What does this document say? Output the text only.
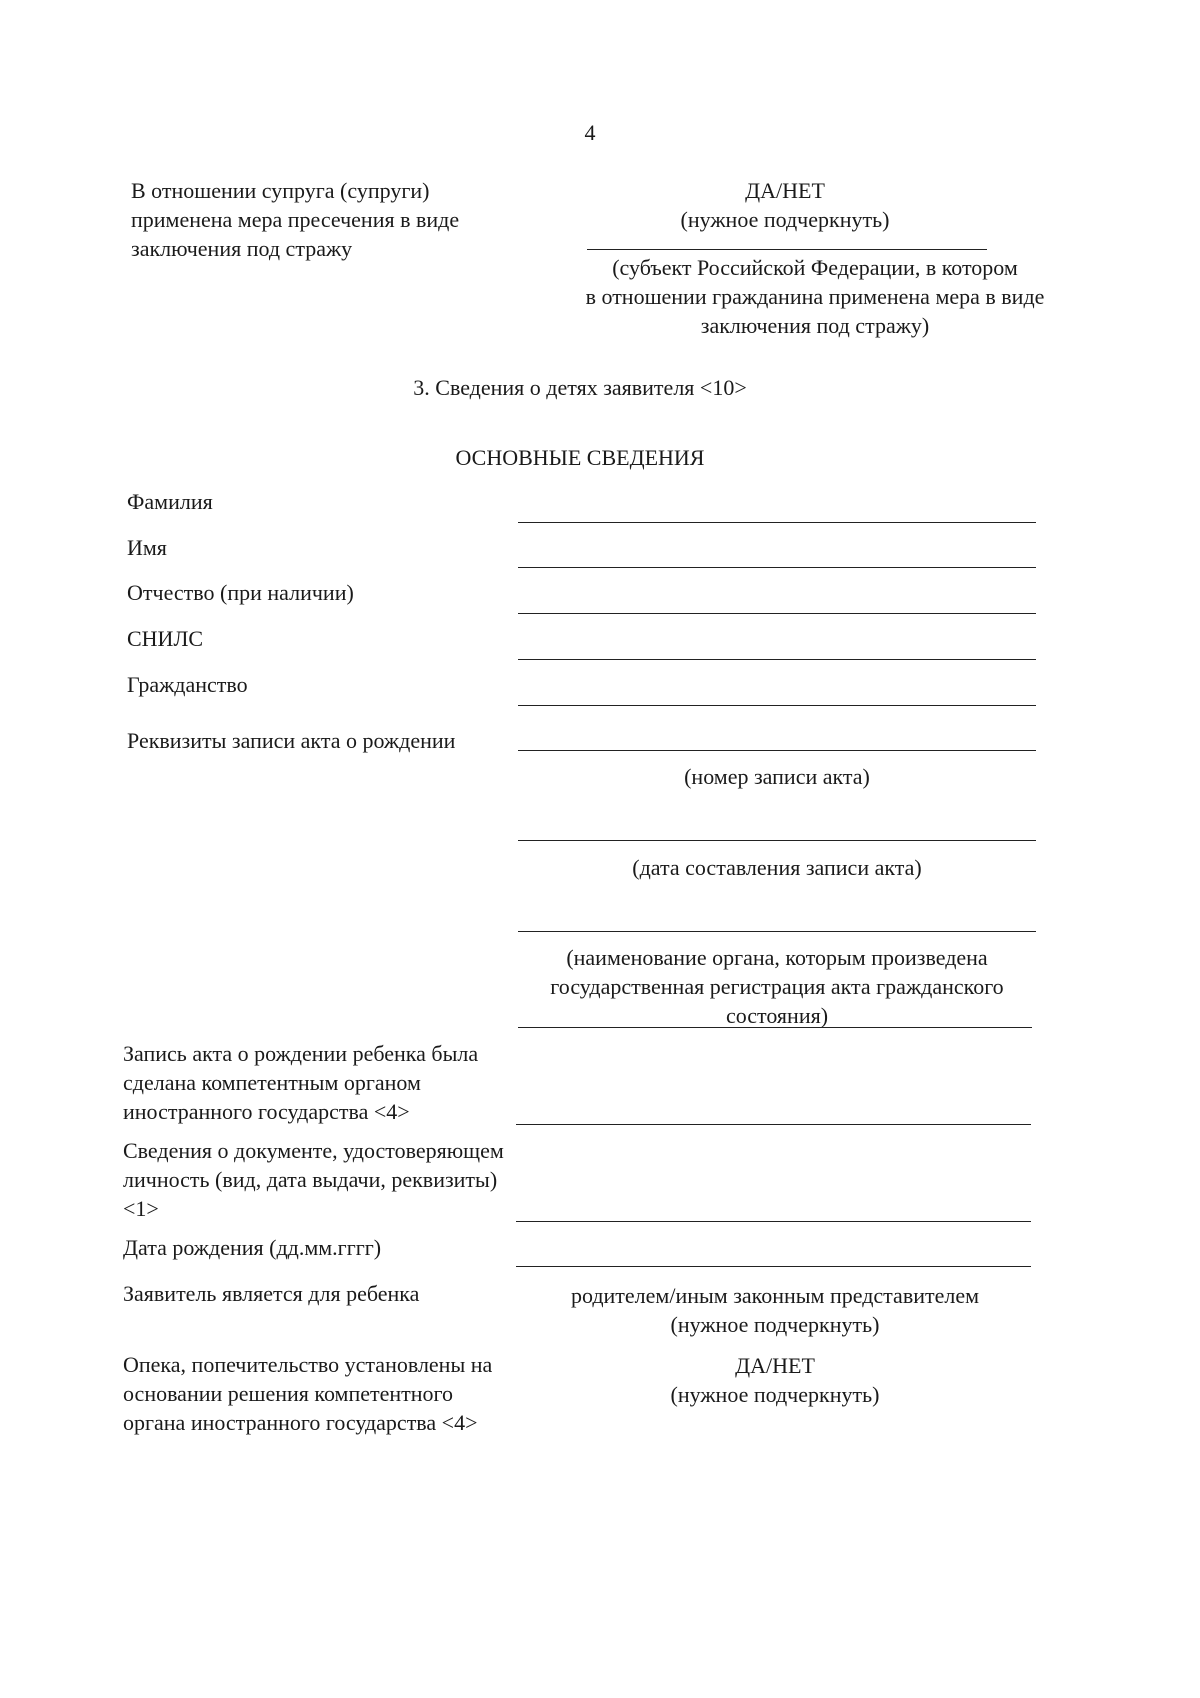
4
В отношении супруга (супруги)
применена мера пресечения в виде
заключения под стражу
ДА/НЕТ
(нужное подчеркнуть)
(субъект Российской Федерации, в котором
в отношении гражданина применена мера в виде
заключения под стражу)
3. Сведения о детях заявителя <10>
ОСНОВНЫЕ СВЕДЕНИЯ
Фамилия
Имя
Отчество (при наличии)
СНИЛС
Гражданство
Реквизиты записи акта о рождении
(номер записи акта)
(дата составления записи акта)
(наименование органа, которым произведена
государственная регистрация акта гражданского
состояния)
Запись акта о рождении ребенка была
сделана компетентным органом
иностранного государства <4>
Сведения о документе, удостоверяющем
личность (вид, дата выдачи, реквизиты)
<1>
Дата рождения (дд.мм.гггг)
Заявитель является для ребенка	родителем/иным законным представителем
(нужное подчеркнуть)
Опека, попечительство установлены на
основании решения компетентного
органа иностранного государства <4>
ДА/НЕТ
(нужное подчеркнуть)
